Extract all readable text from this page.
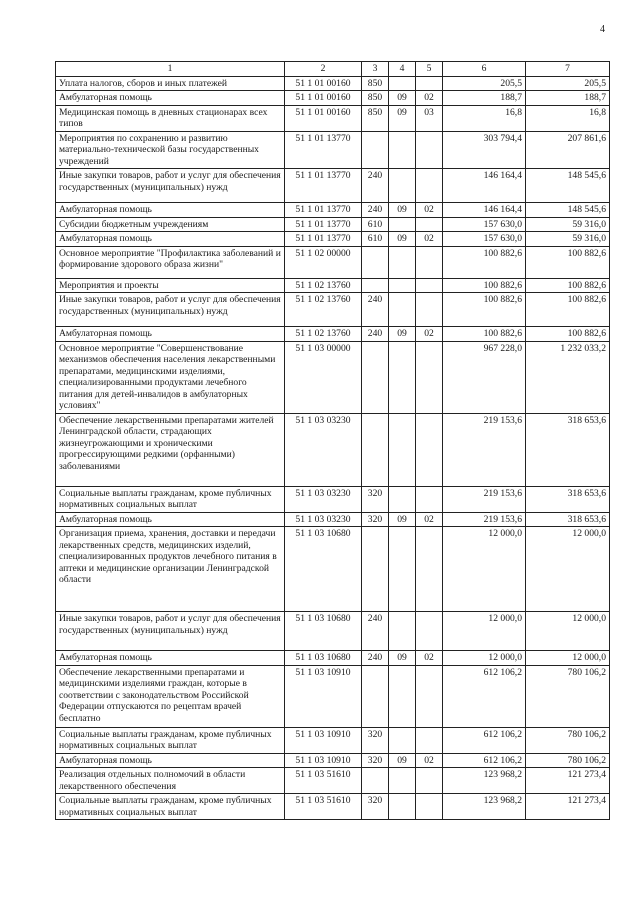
4
1	2	3	4	5	6	7
Уплата налогов, сборов и иных платежей	51 1 01 00160	850			205,5	205,5
Амбулаторная помощь	51 1 01 00160	850	09	02	188,7	188,7
Медицинская помощь в дневных стационарах всех типов	51 1 01 00160	850	09	03	16,8	16,8
Мероприятия по сохранению и развитию материально-технической базы государственных учреждений	51 1 01 13770				303 794,4	207 861,6
Иные закупки товаров, работ и услуг для обеспечения государственных (муниципальных) нужд	51 1 01 13770	240			146 164,4	148 545,6
Амбулаторная помощь	51 1 01 13770	240	09	02	146 164,4	148 545,6
Субсидии бюджетным учреждениям	51 1 01 13770	610			157 630,0	59 316,0
Амбулаторная помощь	51 1 01 13770	610	09	02	157 630,0	59 316,0
Основное мероприятие "Профилактика заболеваний и формирование здорового образа жизни"	51 1 02 00000				100 882,6	100 882,6
Мероприятия и проекты	51 1 02 13760				100 882,6	100 882,6
Иные закупки товаров, работ и услуг для обеспечения государственных (муниципальных) нужд	51 1 02 13760	240			100 882,6	100 882,6
Амбулаторная помощь	51 1 02 13760	240	09	02	100 882,6	100 882,6
Основное мероприятие "Совершенствование механизмов обеспечения населения лекарственными препаратами, медицинскими изделиями, специализированными продуктами лечебного питания для детей-инвалидов в амбулаторных условиях"	51 1 03 00000				967 228,0	1 232 033,2
Обеспечение лекарственными препаратами жителей Ленинградской области, страдающих жизнеугрожающими и хроническими прогрессирующими редкими (орфанными) заболеваниями	51 1 03 03230				219 153,6	318 653,6
Социальные выплаты гражданам, кроме публичных нормативных социальных выплат	51 1 03 03230	320			219 153,6	318 653,6
Амбулаторная помощь	51 1 03 03230	320	09	02	219 153,6	318 653,6
Организация приема, хранения, доставки и передачи лекарственных средств, медицинских изделий, специализированных продуктов лечебного питания в аптеки и медицинские организации Ленинградской области	51 1 03 10680				12 000,0	12 000,0
Иные закупки товаров, работ и услуг для обеспечения государственных (муниципальных) нужд	51 1 03 10680	240			12 000,0	12 000,0
Амбулаторная помощь	51 1 03 10680	240	09	02	12 000,0	12 000,0
Обеспечение лекарственными препаратами и медицинскими изделиями граждан, которые в соответствии с законодательством Российской Федерации отпускаются по рецептам врачей бесплатно	51 1 03 10910				612 106,2	780 106,2
Социальные выплаты гражданам, кроме публичных нормативных социальных выплат	51 1 03 10910	320			612 106,2	780 106,2
Амбулаторная помощь	51 1 03 10910	320	09	02	612 106,2	780 106,2
Реализация отдельных полномочий в области лекарственного обеспечения	51 1 03 51610				123 968,2	121 273,4
Социальные выплаты гражданам, кроме публичных нормативных социальных выплат	51 1 03 51610	320			123 968,2	121 273,4
